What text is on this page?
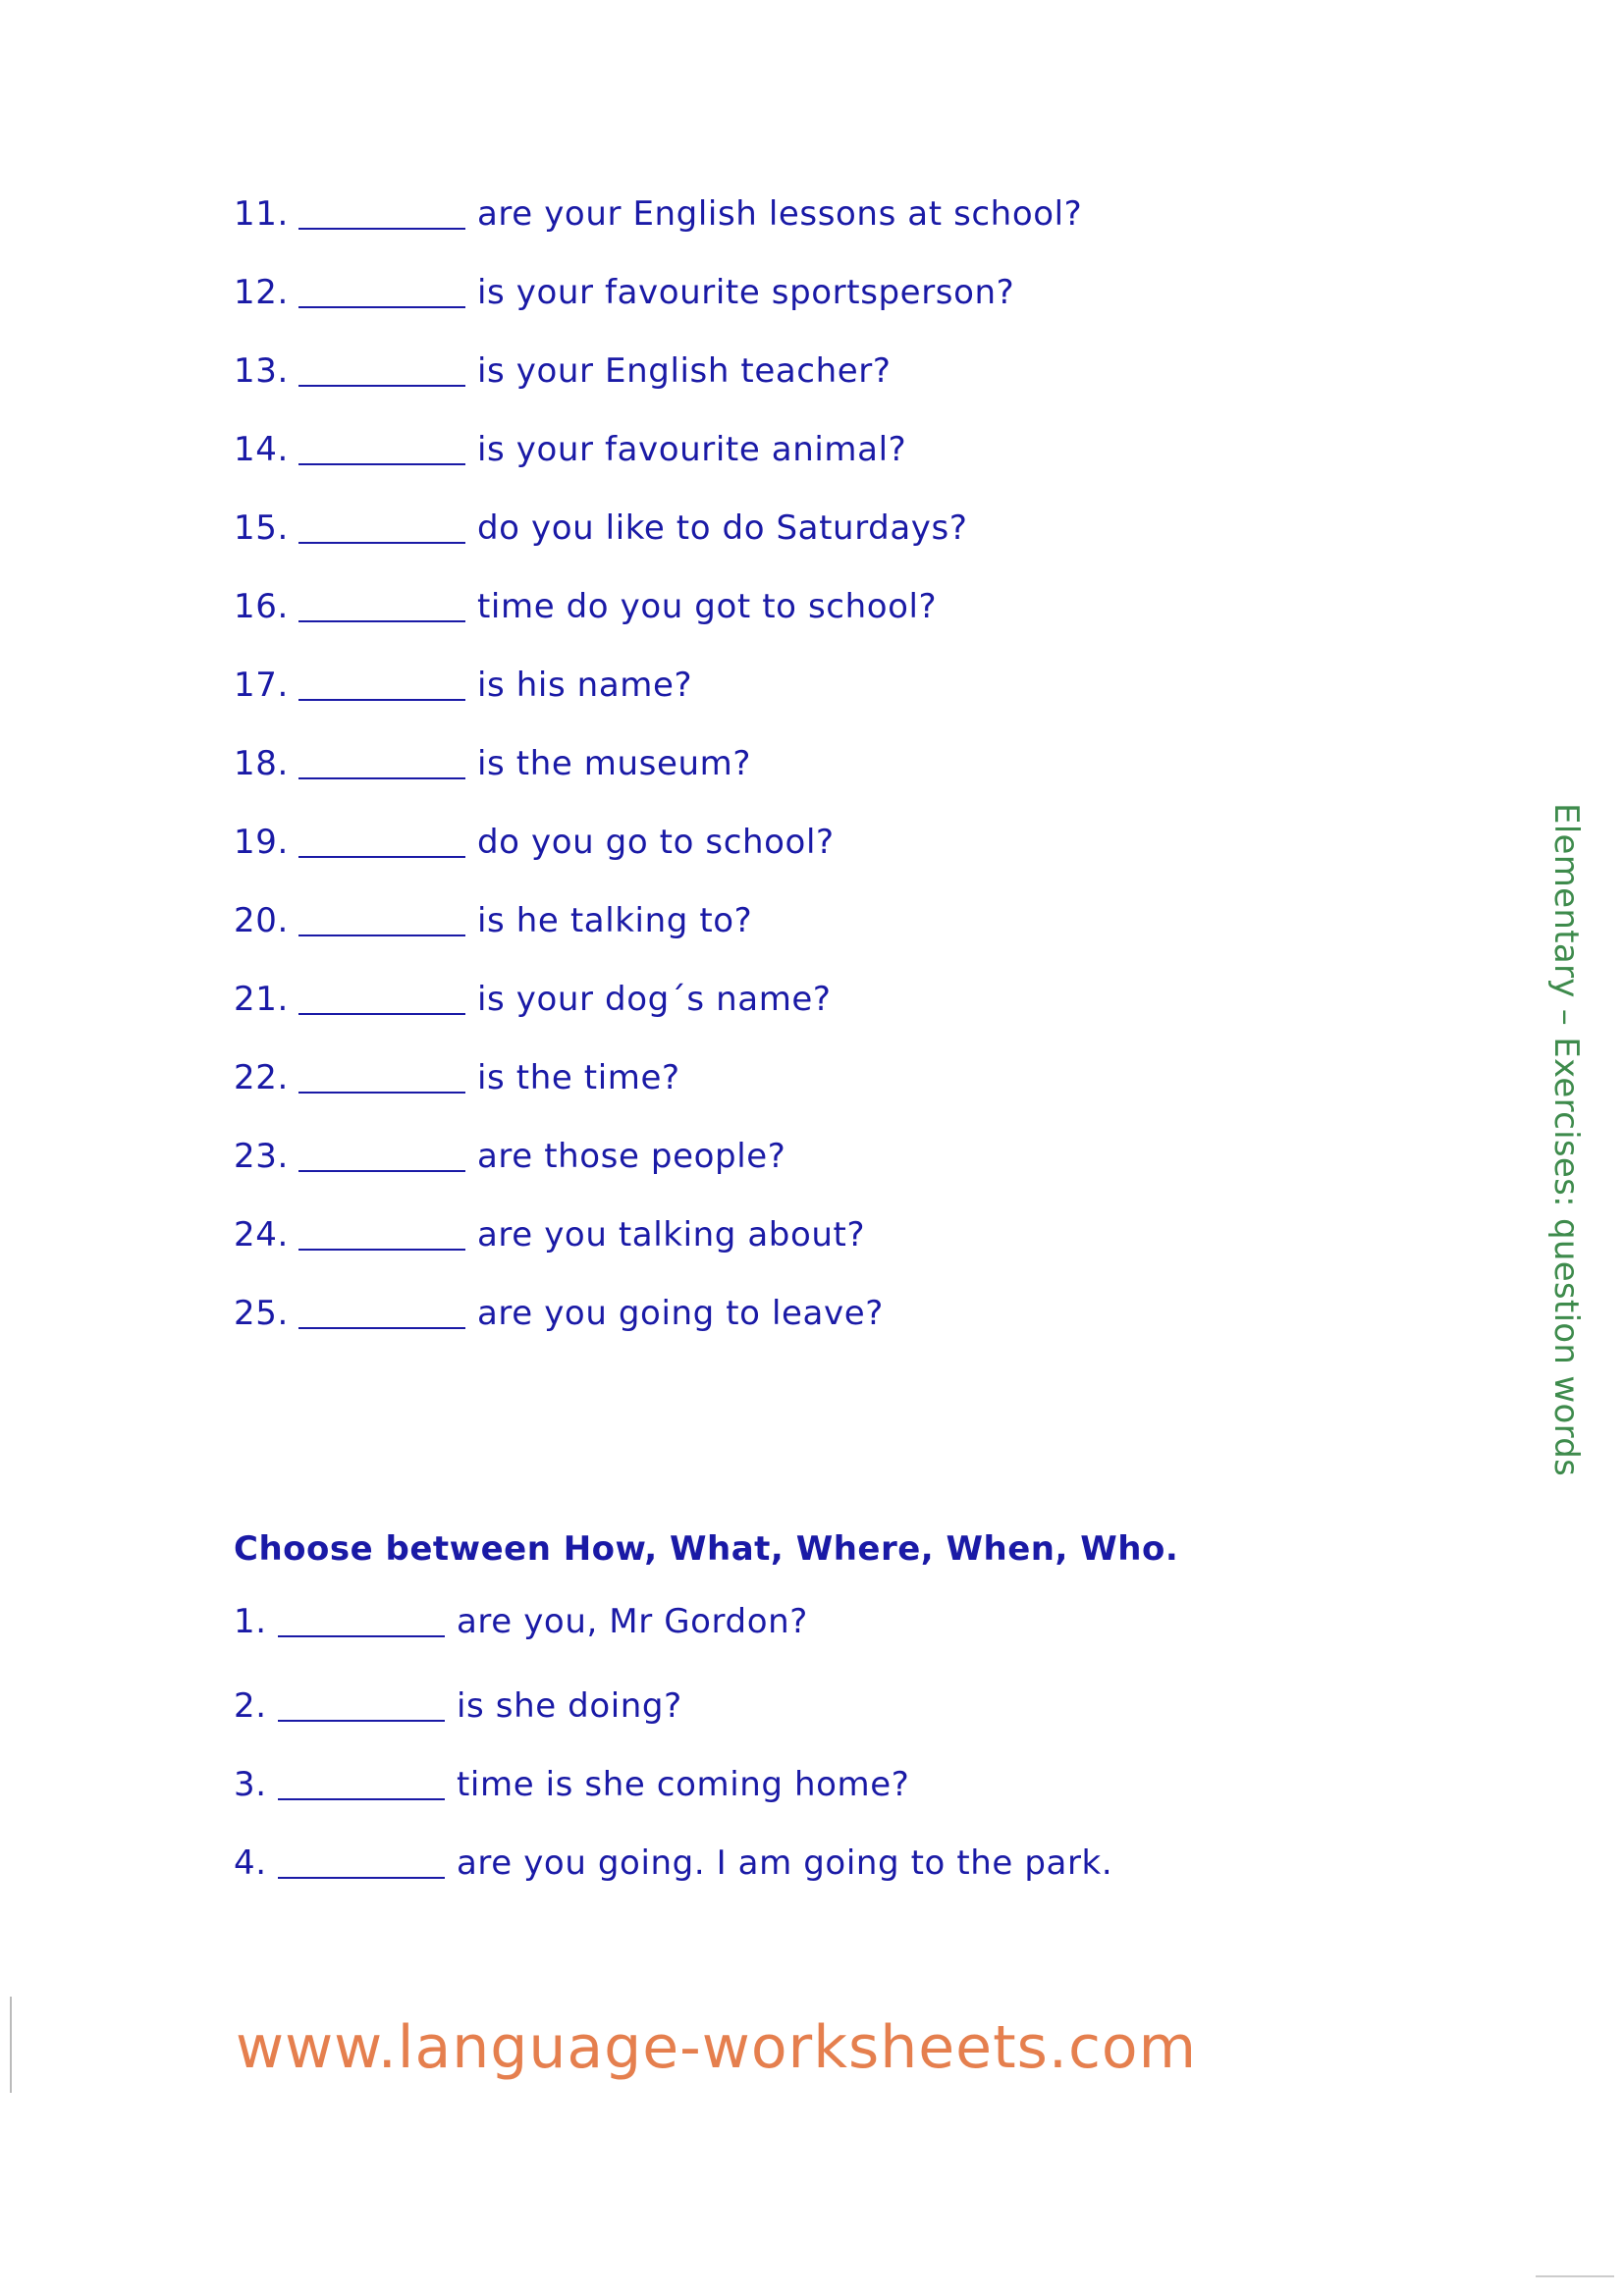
11.	are your English lessons at school?
12.	is your favourite sportsperson?
13.	is your English teacher?
14.	is your favourite animal?
15.	do you like to do Saturdays?
16.	time do you got to school?
17.	is his name?
18.	is the museum?
19.	do you go to school?
20.	is he talking to?
21.	is your dog´s name?
22.	is the time?
23.	are those people?
24.	are you talking about?
25.	are you going to leave?
Choose between How, What, Where, When, Who.
1.	are you, Mr Gordon?
2.	is she doing?
3.	time is she coming home?
4.	are you going. I am going to the park.
Elementary – Exercises: question words
www.language-worksheets.com
